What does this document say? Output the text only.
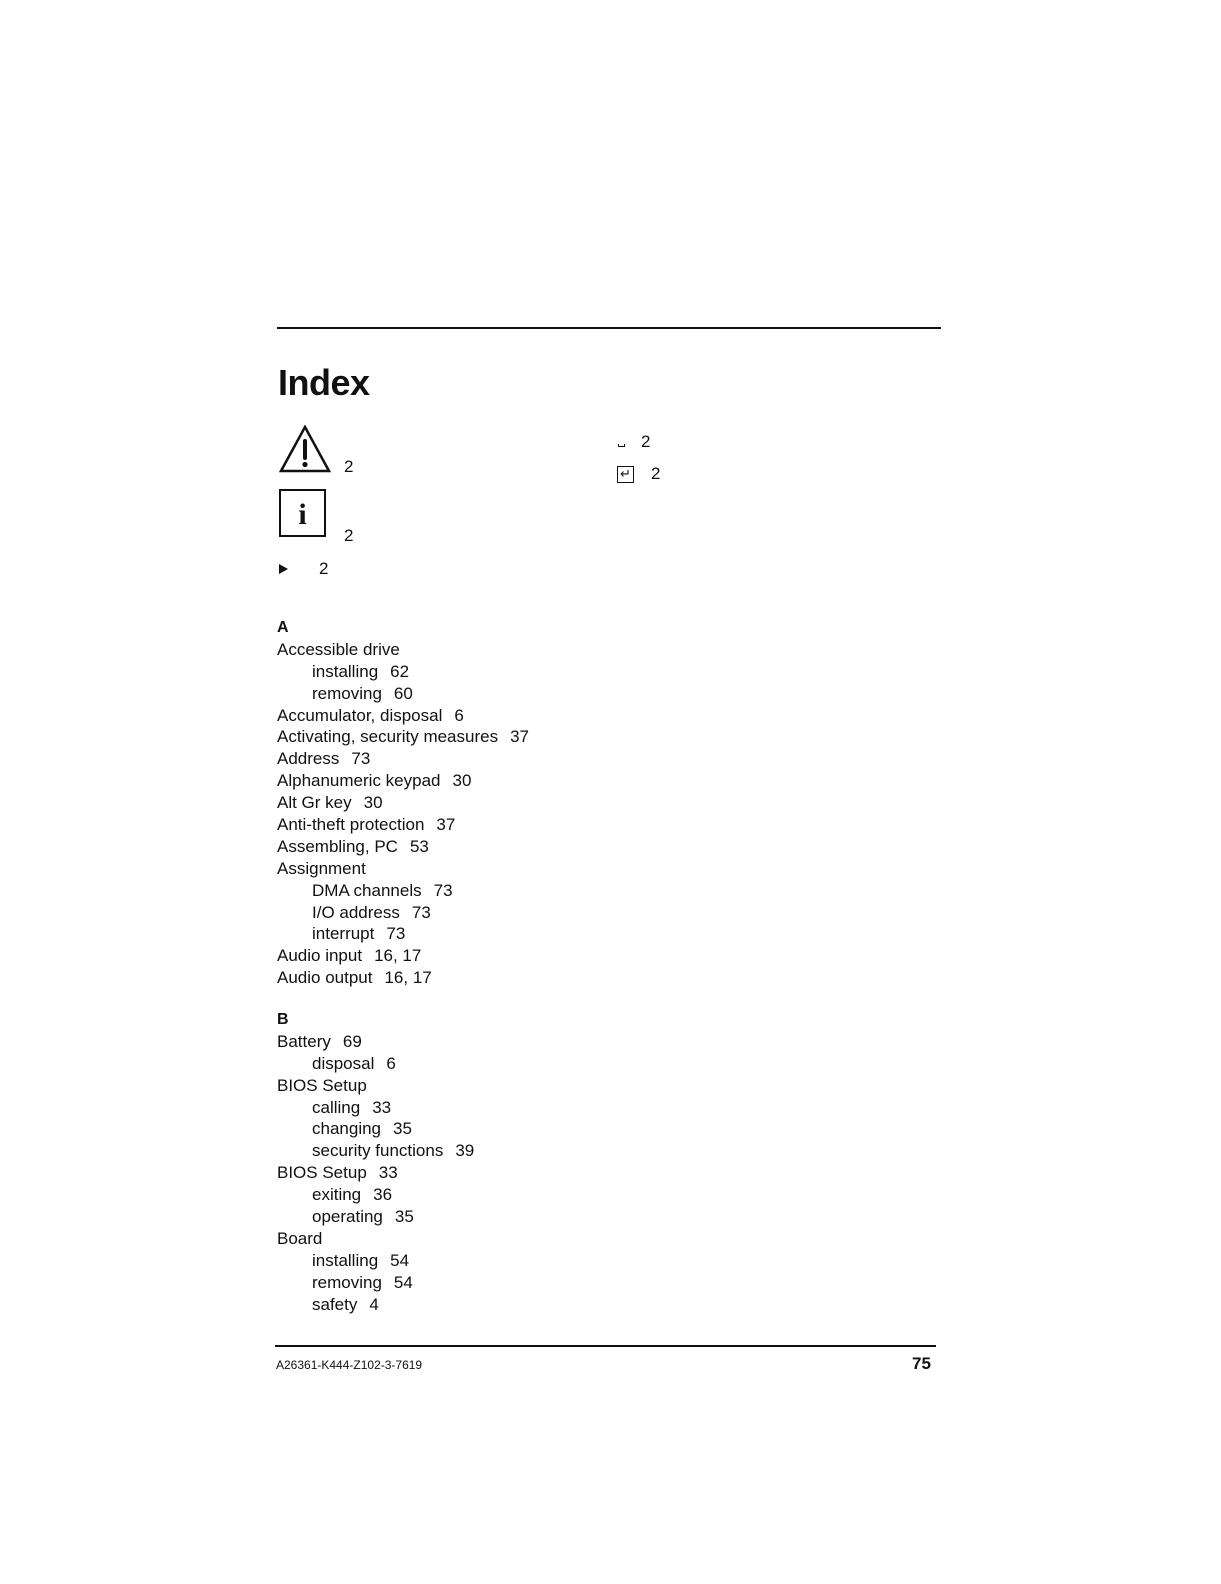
Index
2
i
2
2
2
↵ 2
A
Accessible drive
installing 62
removing 60
Accumulator, disposal 6
Activating, security measures 37
Address 73
Alphanumeric keypad 30
Alt Gr key 30
Anti-theft protection 37
Assembling, PC 53
Assignment
DMA channels 73
I/O address 73
interrupt 73
Audio input 16, 17
Audio output 16, 17
B
Battery 69
disposal 6
BIOS Setup
calling 33
changing 35
security functions 39
BIOS Setup 33
exiting 36
operating 35
Board
installing 54
removing 54
safety 4
A26361-K444-Z102-3-7619	75
